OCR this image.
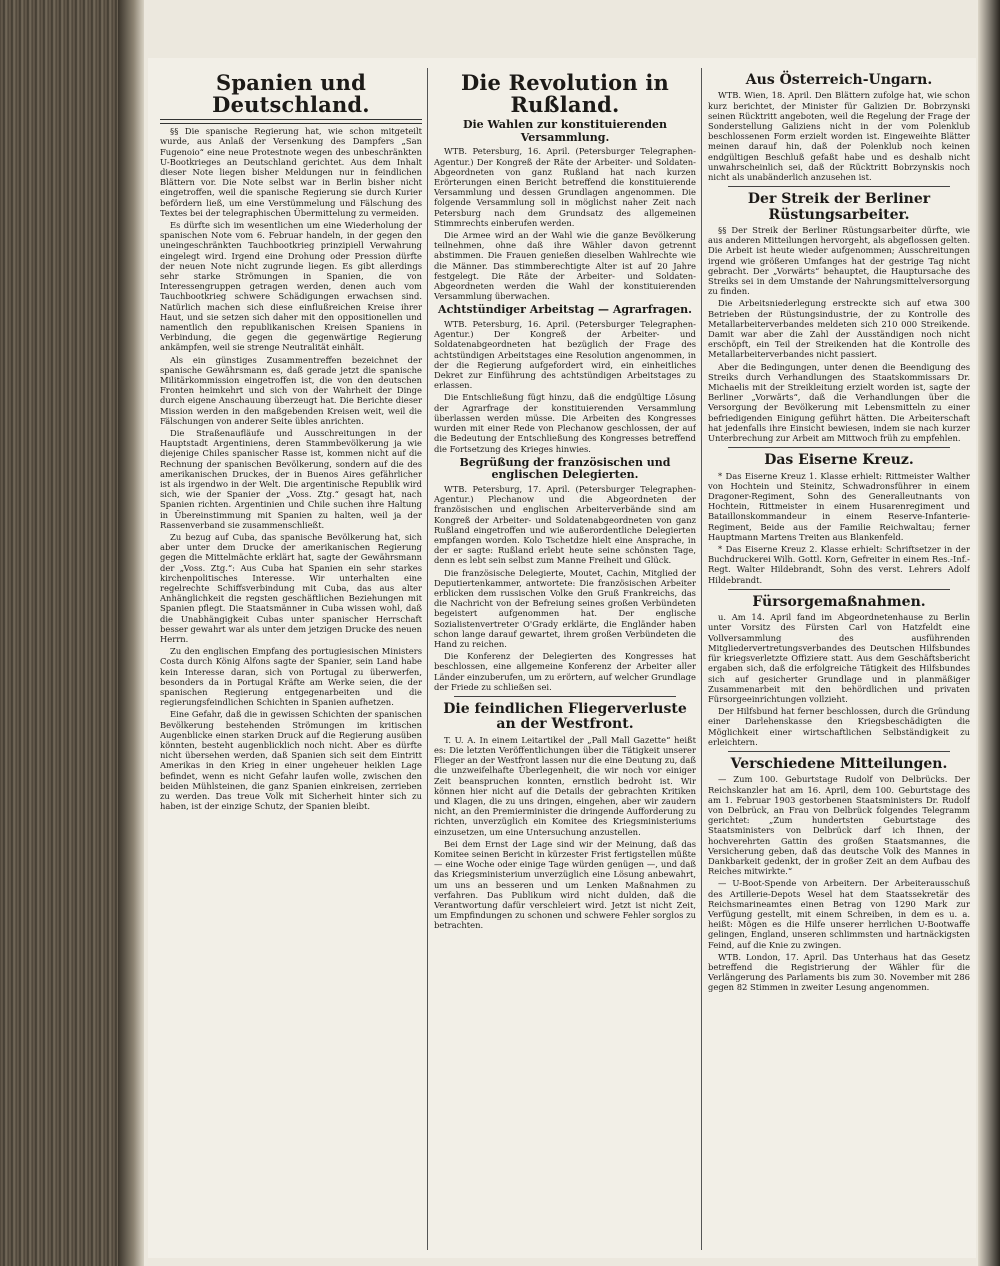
Spanien und Deutschland.

§§ Die spanische Regierung hat, wie schon mitgeteilt wurde, aus Anlaß der Versenkung des Dampfers „San Fugenoio“ eine neue Protestnote wegen des unbeschränkten U-Bootkrieges an Deutschland gerichtet. Aus dem Inhalt dieser Note liegen bisher Meldungen nur in feindlichen Blättern vor. Die Note selbst war in Berlin bisher nicht eingetroffen, weil die spanische Regierung sie durch Kurier befördern ließ, um eine Verstümmelung und Fälschung des Textes bei der telegraphischen Übermittelung zu vermeiden.

Es dürfte sich im wesentlichen um eine Wiederholung der spanischen Note vom 6. Februar handeln, in der gegen den uneingeschränkten Tauchbootkrieg prinzipiell Verwahrung eingelegt wird. Irgend eine Drohung oder Pression dürfte der neuen Note nicht zugrunde liegen. Es gibt allerdings sehr starke Strömungen in Spanien, die von Interessengruppen getragen werden, denen auch vom Tauchbootkrieg schwere Schädigungen erwachsen sind. Natürlich machen sich diese einflußreichen Kreise ihrer Haut, und sie setzen sich daher mit den oppositionellen und namentlich den republikanischen Kreisen Spaniens in Verbindung, die gegen die gegenwärtige Regierung ankämpfen, weil sie strenge Neutralität einhält.

Als ein günstiges Zusammentreffen bezeichnet der spanische Gewährsmann es, daß gerade jetzt die spanische Militärkommission eingetroffen ist, die von den deutschen Fronten heimkehrt und sich von der Wahrheit der Dinge durch eigene Anschauung überzeugt hat. Die Berichte dieser Mission werden in den maßgebenden Kreisen weit, weil die Fälschungen von anderer Seite übles anrichten.

Die Straßenaufläufe und Ausschreitungen in der Hauptstadt Argentiniens, deren Stammbevölkerung ja wie diejenige Chiles spanischer Rasse ist, kommen nicht auf die Rechnung der spanischen Bevölkerung, sondern auf die des amerikanischen Druckes, der in Buenos Aires gefährlicher ist als irgendwo in der Welt. Die argentinische Republik wird sich, wie der Spanier der „Voss. Ztg.“ gesagt hat, nach Spanien richten. Argentinien und Chile suchen ihre Haltung in Übereinstimmung mit Spanien zu halten, weil ja der Rassenverband sie zusammenschließt.

Zu bezug auf Cuba, das spanische Bevölkerung hat, sich aber unter dem Drucke der amerikanischen Regierung gegen die Mittelmächte erklärt hat, sagte der Gewährsmann der „Voss. Ztg.“: Aus Cuba hat Spanien ein sehr starkes kirchenpolitisches Interesse. Wir unterhalten eine regelrechte Schiffsverbindung mit Cuba, das aus alter Anhänglichkeit die regsten geschäftlichen Beziehungen mit Spanien pflegt. Die Staatsmänner in Cuba wissen wohl, daß die Unabhängigkeit Cubas unter spanischer Herrschaft besser gewahrt war als unter dem jetzigen Drucke des neuen Herrn.

Zu den englischen Empfang des portugiesischen Ministers Costa durch König Alfons sagte der Spanier, sein Land habe kein Interesse daran, sich von Portugal zu überwerfen, besonders da in Portugal Kräfte am Werke seien, die der spanischen Regierung entgegenarbeiten und die regierungsfeindlichen Schichten in Spanien aufhetzen.

Eine Gefahr, daß die in gewissen Schichten der spanischen Bevölkerung bestehenden Strömungen im kritischen Augenblicke einen starken Druck auf die Regierung ausüben könnten, besteht augenblicklich noch nicht. Aber es dürfte nicht übersehen werden, daß Spanien sich seit dem Eintritt Amerikas in den Krieg in einer ungeheuer heiklen Lage befindet, wenn es nicht Gefahr laufen wolle, zwischen den beiden Mühlsteinen, die ganz Spanien einkreisen, zerrieben zu werden. Das treue Volk mit Sicherheit hinter sich zu haben, ist der einzige Schutz, der Spanien bleibt.

Die Revolution in Rußland.
Die Wahlen zur konstituierenden Versammlung.

WTB. Petersburg, 16. April. (Petersburger Telegraphen-Agentur.) Der Kongreß der Räte der Arbeiter- und Soldaten-Abgeordneten von ganz Rußland hat nach kurzen Erörterungen einen Bericht betreffend die konstituierende Versammlung und dessen Grundlagen angenommen. Die folgende Versammlung soll in möglichst naher Zeit nach Petersburg nach dem Grundsatz des allgemeinen Stimmrechts einberufen werden.

Die Armee wird an der Wahl wie die ganze Bevölkerung teilnehmen, ohne daß ihre Wähler davon getrennt abstimmen. Die Frauen genießen dieselben Wahlrechte wie die Männer. Das stimmberechtigte Alter ist auf 20 Jahre festgelegt. Die Räte der Arbeiter- und Soldaten-Abgeordneten werden die Wahl der konstituierenden Versammlung überwachen.

Achtstündiger Arbeitstag — Agrarfragen.

WTB. Petersburg, 16. April. (Petersburger Telegraphen-Agentur.) Der Kongreß der Arbeiter- und Soldatenabgeordneten hat bezüglich der Frage des achtstündigen Arbeitstages eine Resolution angenommen, in der die Regierung aufgefordert wird, ein einheitliches Dekret zur Einführung des achtstündigen Arbeitstages zu erlassen.

Die Entschließung fügt hinzu, daß die endgültige Lösung der Agrarfrage der konstituierenden Versammlung überlassen werden müsse. Die Arbeiten des Kongresses wurden mit einer Rede von Plechanow geschlossen, der auf die Bedeutung der Entschließung des Kongresses betreffend die Fortsetzung des Krieges hinwies.

Begrüßung der französischen und englischen Delegierten.

WTB. Petersburg, 17. April. (Petersburger Telegraphen-Agentur.) Plechanow und die Abgeordneten der französischen und englischen Arbeiterverbände sind am Kongreß der Arbeiter- und Soldatenabgeordneten von ganz Rußland eingetroffen und wie außerordentliche Delegierten empfangen worden. Kolo Tschetdze hielt eine Ansprache, in der er sagte: Rußland erlebt heute seine schönsten Tage, denn es lebt sein selbst zum Manne Freiheit und Glück.

Die französische Delegierte, Moutet, Cachin, Mitglied der Deputiertenkammer, antwortete: Die französischen Arbeiter erblicken dem russischen Volke den Gruß Frankreichs, das die Nachricht von der Befreiung seines großen Verbündeten begeistert aufgenommen hat. Der englische Sozialistenvertreter O'Grady erklärte, die Engländer haben schon lange darauf gewartet, ihrem großen Verbündeten die Hand zu reichen.

Die Konferenz der Delegierten des Kongresses hat beschlossen, eine allgemeine Konferenz der Arbeiter aller Länder einzuberufen, um zu erörtern, auf welcher Grundlage der Friede zu schließen sei.

Die feindlichen Fliegerverluste an der Westfront.

T. U. A. In einem Leitartikel der „Pall Mall Gazette“ heißt es: Die letzten Veröffentlichungen über die Tätigkeit unserer Flieger an der Westfront lassen nur die eine Deutung zu, daß die unzweifelhafte Überlegenheit, die wir noch vor einiger Zeit beanspruchen konnten, ernstlich bedroht ist. Wir können hier nicht auf die Details der gebrachten Kritiken und Klagen, die zu uns dringen, eingehen, aber wir zaudern nicht, an den Premierminister die dringende Aufforderung zu richten, unverzüglich ein Komitee des Kriegsministeriums einzusetzen, um eine Untersuchung anzustellen.

Bei dem Ernst der Lage sind wir der Meinung, daß das Komitee seinen Bericht in kürzester Frist fertigstellen müßte — eine Woche oder einige Tage würden genügen —, und daß das Kriegsministerium unverzüglich eine Lösung anbewahrt, um uns an besseren und um Lenken Maßnahmen zu verfahren. Das Publikum wird nicht dulden, daß die Verantwortung dafür verschleiert wird. Jetzt ist nicht Zeit, um Empfindungen zu schonen und schwere Fehler sorglos zu betrachten.

Aus Österreich-Ungarn.

WTB. Wien, 18. April. Den Blättern zufolge hat, wie schon kurz berichtet, der Minister für Galizien Dr. Bobrzynski seinen Rücktritt angeboten, weil die Regelung der Frage der Sonderstellung Galiziens nicht in der vom Polenklub beschlossenen Form erzielt worden ist. Eingeweihte Blätter meinen darauf hin, daß der Polenklub noch keinen endgültigen Beschluß gefaßt habe und es deshalb nicht unwahrscheinlich sei, daß der Rücktritt Bobrzynskis noch nicht als unabänderlich anzusehen ist.

Der Streik der Berliner Rüstungsarbeiter.

§§ Der Streik der Berliner Rüstungsarbeiter dürfte, wie aus anderen Mitteilungen hervorgeht, als abgeflossen gelten. Die Arbeit ist heute wieder aufgenommen; Ausschreitungen irgend wie größeren Umfanges hat der gestrige Tag nicht gebracht. Der „Vorwärts“ behauptet, die Hauptursache des Streiks sei in dem Umstande der Nahrungsmittelversorgung zu finden.

Die Arbeitsniederlegung erstreckte sich auf etwa 300 Betrieben der Rüstungsindustrie, der zu Kontrolle des Metallarbeiterverbandes meldeten sich 210 000 Streikende. Damit war aber die Zahl der Ausständigen noch nicht erschöpft, ein Teil der Streikenden hat die Kontrolle des Metallarbeiterverbandes nicht passiert.

Aber die Bedingungen, unter denen die Beendigung des Streiks durch Verhandlungen des Staatskommissars Dr. Michaelis mit der Streikleitung erzielt worden ist, sagte der Berliner „Vorwärts“, daß die Verhandlungen über die Versorgung der Bevölkerung mit Lebensmitteln zu einer befriedigenden Einigung geführt hätten. Die Arbeiterschaft hat jedenfalls ihre Einsicht bewiesen, indem sie nach kurzer Unterbrechung zur Arbeit am Mittwoch früh zu empfehlen.

Das Eiserne Kreuz.

* Das Eiserne Kreuz 1. Klasse erhielt: Rittmeister Walther von Hochtein und Steinitz, Schwadronsführer in einem Dragoner-Regiment, Sohn des Generalleutnants von Hochtein, Rittmeister in einem Husarenregiment und Bataillonskommandeur in einem Reserve-Infanterie-Regiment, Beide aus der Familie Reichwaltau; ferner Hauptmann Martens Treiten aus Blankenfeld.

* Das Eiserne Kreuz 2. Klasse erhielt: Schriftsetzer in der Buchdruckerei Wilh. Gottl. Korn, Gefreiter in einem Res.-Inf.-Regt. Walter Hildebrandt, Sohn des verst. Lehrers Adolf Hildebrandt.

Fürsorgemaßnahmen.

u. Am 14. April fand im Abgeordnetenhause zu Berlin unter Vorsitz des Fürsten Carl von Hatzfeldt eine Vollversammlung des ausführenden Mitgliedervertretungsverbandes des Deutschen Hilfsbundes für kriegsverletzte Offiziere statt. Aus dem Geschäftsbericht ergaben sich, daß die erfolgreiche Tätigkeit des Hilfsbundes sich auf gesicherter Grundlage und in planmäßiger Zusammenarbeit mit den behördlichen und privaten Fürsorgeeinrichtungen vollzieht.

Der Hilfsbund hat ferner beschlossen, durch die Gründung einer Darlehenskasse den Kriegsbeschädigten die Möglichkeit einer wirtschaftlichen Selbständigkeit zu erleichtern.

Verschiedene Mitteilungen.

— Zum 100. Geburtstage Rudolf von Delbrücks. Der Reichskanzler hat am 16. April, dem 100. Geburtstage des am 1. Februar 1903 gestorbenen Staatsministers Dr. Rudolf von Delbrück, an Frau von Delbrück folgendes Telegramm gerichtet: „Zum hundertsten Geburtstage des Staatsministers von Delbrück darf ich Ihnen, der hochverehrten Gattin des großen Staatsmannes, die Versicherung geben, daß das deutsche Volk des Mannes in Dankbarkeit gedenkt, der in großer Zeit an dem Aufbau des Reiches mitwirkte.“

— U-Boot-Spende von Arbeitern. Der Arbeiterausschuß des Artillerie-Depots Wesel hat dem Staatssekretär des Reichsmarineamtes einen Betrag von 1290 Mark zur Verfügung gestellt, mit einem Schreiben, in dem es u. a. heißt: Mögen es die Hilfe unserer herrlichen U-Bootwaffe gelingen, England, unseren schlimmsten und hartnäckigsten Feind, auf die Knie zu zwingen.

WTB. London, 17. April. Das Unterhaus hat das Gesetz betreffend die Registrierung der Wähler für die Verlängerung des Parlaments bis zum 30. November mit 286 gegen 82 Stimmen in zweiter Lesung angenommen.
